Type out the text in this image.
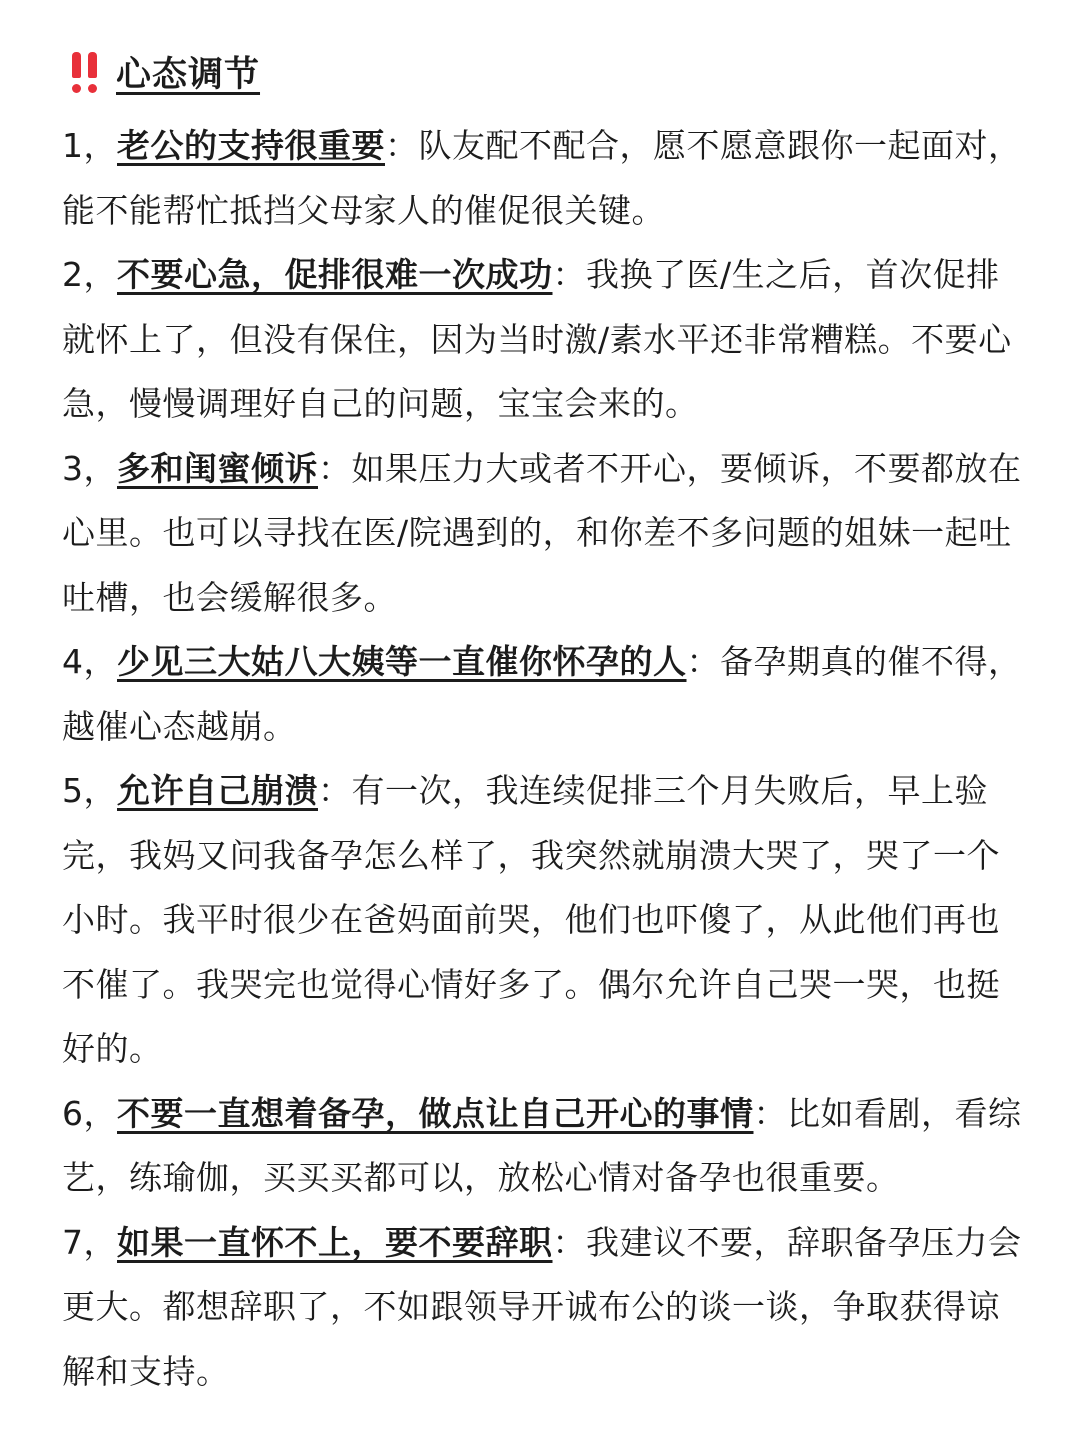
心态调节
1，老公的支持很重要：队友配不配合，愿不愿意跟你一起面对，能不能帮忙抵挡父母家人的催促很关键。
2，不要心急，促排很难一次成功：我换了医/生之后，首次促排就怀上了，但没有保住，因为当时激/素水平还非常糟糕。不要心急，慢慢调理好自己的问题，宝宝会来的。
3，多和闺蜜倾诉：如果压力大或者不开心，要倾诉，不要都放在心里。也可以寻找在医/院遇到的，和你差不多问题的姐妹一起吐吐槽，也会缓解很多。
4，少见三大姑八大姨等一直催你怀孕的人：备孕期真的催不得，越催心态越崩。
5，允许自己崩溃：有一次，我连续促排三个月失败后，早上验完，我妈又问我备孕怎么样了，我突然就崩溃大哭了，哭了一个小时。我平时很少在爸妈面前哭，他们也吓傻了，从此他们再也不催了。我哭完也觉得心情好多了。偶尔允许自己哭一哭，也挺好的。
6，不要一直想着备孕，做点让自己开心的事情：比如看剧，看综艺，练瑜伽，买买买都可以，放松心情对备孕也很重要。
7，如果一直怀不上，要不要辞职：我建议不要，辞职备孕压力会更大。都想辞职了，不如跟领导开诚布公的谈一谈，争取获得谅解和支持。
